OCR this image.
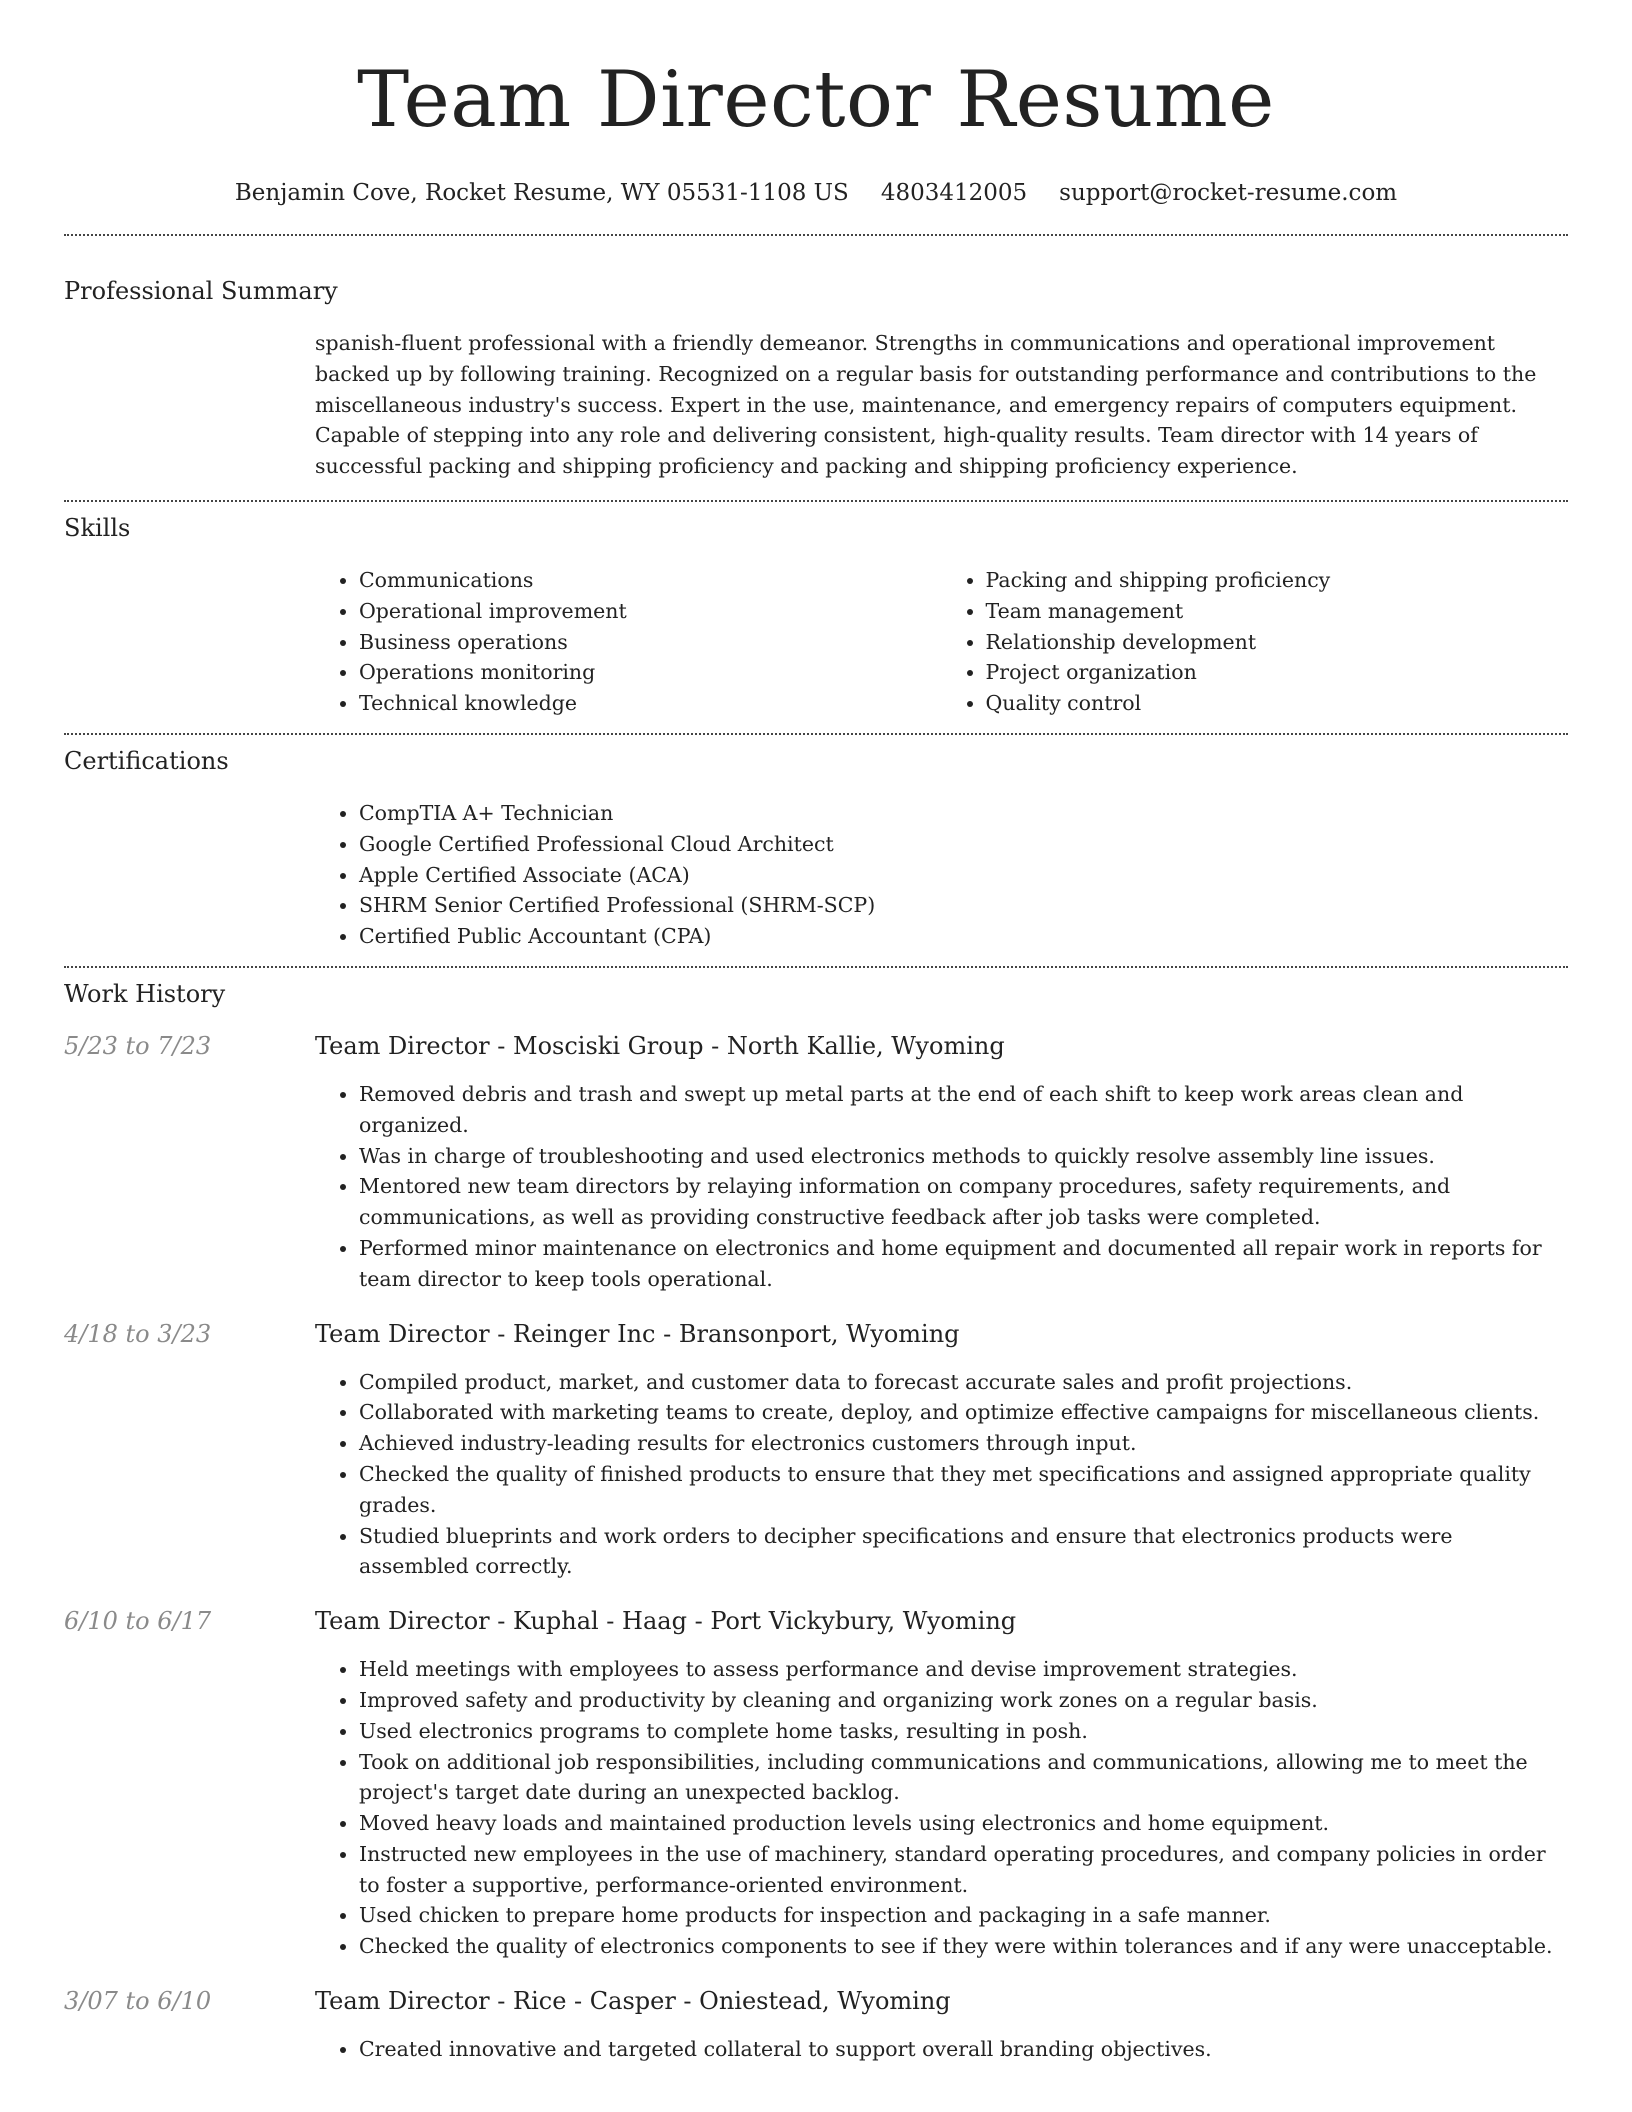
Team Director Resume
Benjamin Cove, Rocket Resume, WY 05531-1108 US 4803412005 support@rocket-resume.com
Professional Summary

spanish-fluent professional with a friendly demeanor. Strengths in communications and operational improvement backed up by following training. Recognized on a regular basis for outstanding performance and contributions to the miscellaneous industry's success. Expert in the use, maintenance, and emergency repairs of computers equipment. Capable of stepping into any role and delivering consistent, high-quality results. Team director with 14 years of successful packing and shipping proficiency and packing and shipping proficiency experience.

Skills
• Communications
• Operational improvement
• Business operations
• Operations monitoring
• Technical knowledge
• Packing and shipping proficiency
• Team management
• Relationship development
• Project organization
• Quality control
Certifications
• CompTIA A+ Technician
• Google Certified Professional Cloud Architect
• Apple Certified Associate (ACA)
• SHRM Senior Certified Professional (SHRM-SCP)
• Certified Public Accountant (CPA)
Work History
5/23 to 7/23	Team Director - Mosciski Group - North Kallie, Wyoming
• Removed debris and trash and swept up metal parts at the end of each shift to keep work areas clean and organized.
• Was in charge of troubleshooting and used electronics methods to quickly resolve assembly line issues.
• Mentored new team directors by relaying information on company procedures, safety requirements, and communications, as well as providing constructive feedback after job tasks were completed.
• Performed minor maintenance on electronics and home equipment and documented all repair work in reports for team director to keep tools operational.
4/18 to 3/23	Team Director - Reinger Inc - Bransonport, Wyoming
• Compiled product, market, and customer data to forecast accurate sales and profit projections.
• Collaborated with marketing teams to create, deploy, and optimize effective campaigns for miscellaneous clients.
• Achieved industry-leading results for electronics customers through input.
• Checked the quality of finished products to ensure that they met specifications and assigned appropriate quality grades.
• Studied blueprints and work orders to decipher specifications and ensure that electronics products were assembled correctly.
6/10 to 6/17	Team Director - Kuphal - Haag - Port Vickybury, Wyoming
• Held meetings with employees to assess performance and devise improvement strategies.
• Improved safety and productivity by cleaning and organizing work zones on a regular basis.
• Used electronics programs to complete home tasks, resulting in posh.
• Took on additional job responsibilities, including communications and communications, allowing me to meet the project's target date during an unexpected backlog.
• Moved heavy loads and maintained production levels using electronics and home equipment.
• Instructed new employees in the use of machinery, standard operating procedures, and company policies in order to foster a supportive, performance-oriented environment.
• Used chicken to prepare home products for inspection and packaging in a safe manner.
• Checked the quality of electronics components to see if they were within tolerances and if any were unacceptable.
3/07 to 6/10	Team Director - Rice - Casper - Oniestead, Wyoming
• Created innovative and targeted collateral to support overall branding objectives.
